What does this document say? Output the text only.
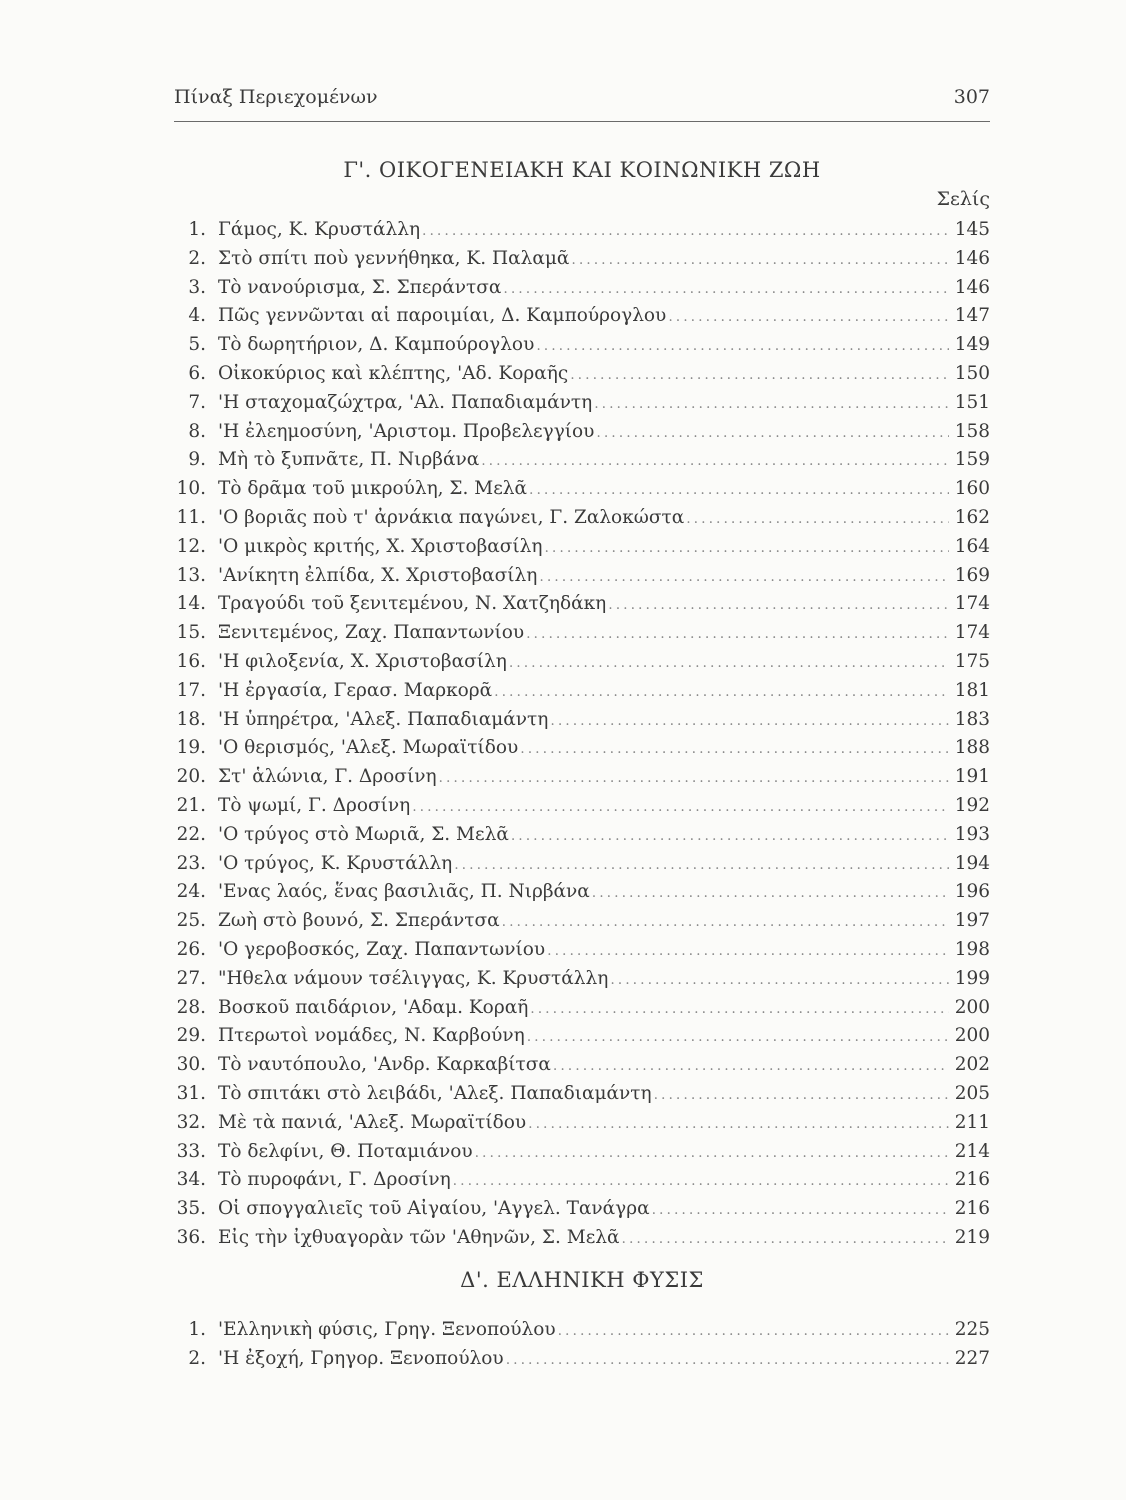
Πίναξ Περιεχομένων	307
Γ'. ΟΙΚΟΓΕΝΕΙΑΚΗ ΚΑΙ ΚΟΙΝΩΝΙΚΗ ΖΩΗ
Σελίς
1. Γάμος, Κ. Κρυστάλλη .....	145
2. Στὸ σπίτι ποὺ γεννήθηκα, Κ. Παλαμᾶ .....	146
3. Τὸ νανούρισμα, Σ. Σπεράντσα .....	146
4. Πῶς γεννῶνται αἱ παροιμίαι, Δ. Καμπούρογλου .....	147
5. Τὸ δωρητήριον, Δ. Καμπούρογλου .....	149
6. Οἰκοκύριος καὶ κλέπτης, 'Αδ. Κοραῆς .....	150
7. 'Η σταχομαζώχτρα, 'Αλ. Παπαδιαμάντη .....	151
8. 'Η ἐλεημοσύνη, 'Αριστομ. Προβελεγγίου .....	158
9. Μὴ τὸ ξυπνᾶτε, Π. Νιρβάνα .....	159
10. Τὸ δρᾶμα τοῦ μικρούλη, Σ. Μελᾶ .....	160
11. 'Ο βοριᾶς ποὺ τ' ἀρνάκια παγώνει, Γ. Ζαλοκώστα .....	162
12. 'Ο μικρὸς κριτής, Χ. Χριστοβασίλη .....	164
13. 'Ανίκητη ἐλπίδα, Χ. Χριστοβασίλη .....	169
14. Τραγούδι τοῦ ξενιτεμένου, Ν. Χατζηδάκη .....	174
15. Ξενιτεμένος, Ζαχ. Παπαντωνίου .....	174
16. 'Η φιλοξενία, Χ. Χριστοβασίλη .....	175
17. 'Η ἐργασία, Γερασ. Μαρκορᾶ .....	181
18. 'Η ὑπηρέτρα, 'Αλεξ. Παπαδιαμάντη .....	183
19. 'Ο θερισμός, 'Αλεξ. Μωραϊτίδου .....	188
20. Στ' ἁλώνια, Γ. Δροσίνη .....	191
21. Τὸ ψωμί, Γ. Δροσίνη .....	192
22. 'Ο τρύγος στὸ Μωριᾶ, Σ. Μελᾶ .....	193
23. 'Ο τρύγος, Κ. Κρυστάλλη .....	194
24. 'Ενας λαός, ἕνας βασιλιᾶς, Π. Νιρβάνα .....	196
25. Ζωὴ στὸ βουνό, Σ. Σπεράντσα .....	197
26. 'Ο γεροβοσκός, Ζαχ. Παπαντωνίου .....	198
27. "Ηθελα νάμουν τσέλιγγας, Κ. Κρυστάλλη .....	199
28. Βοσκοῦ παιδάριον, 'Αδαμ. Κοραῆ .....	200
29. Πτερωτοὶ νομάδες, Ν. Καρβούνη .....	200
30. Τὸ ναυτόπουλο, 'Ανδρ. Καρκαβίτσα .....	202
31. Τὸ σπιτάκι στὸ λειβάδι, 'Αλεξ. Παπαδιαμάντη .....	205
32. Μὲ τὰ πανιά, 'Αλεξ. Μωραϊτίδου .....	211
33. Τὸ δελφίνι, Θ. Ποταμιάνου .....	214
34. Τὸ πυροφάνι, Γ. Δροσίνη .....	216
35. Οἱ σπογγαλιεῖς τοῦ Αἰγαίου, 'Αγγελ. Τανάγρα .....	216
36. Εἰς τὴν ἰχθυαγορὰν τῶν 'Αθηνῶν, Σ. Μελᾶ .....	219
Δ'. ΕΛΛΗΝΙΚΗ ΦΥΣΙΣ
1. 'Ελληνικὴ φύσις, Γρηγ. Ξενοπούλου .....	225
2. 'Η ἐξοχή, Γρηγορ. Ξενοπούλου .....	227
